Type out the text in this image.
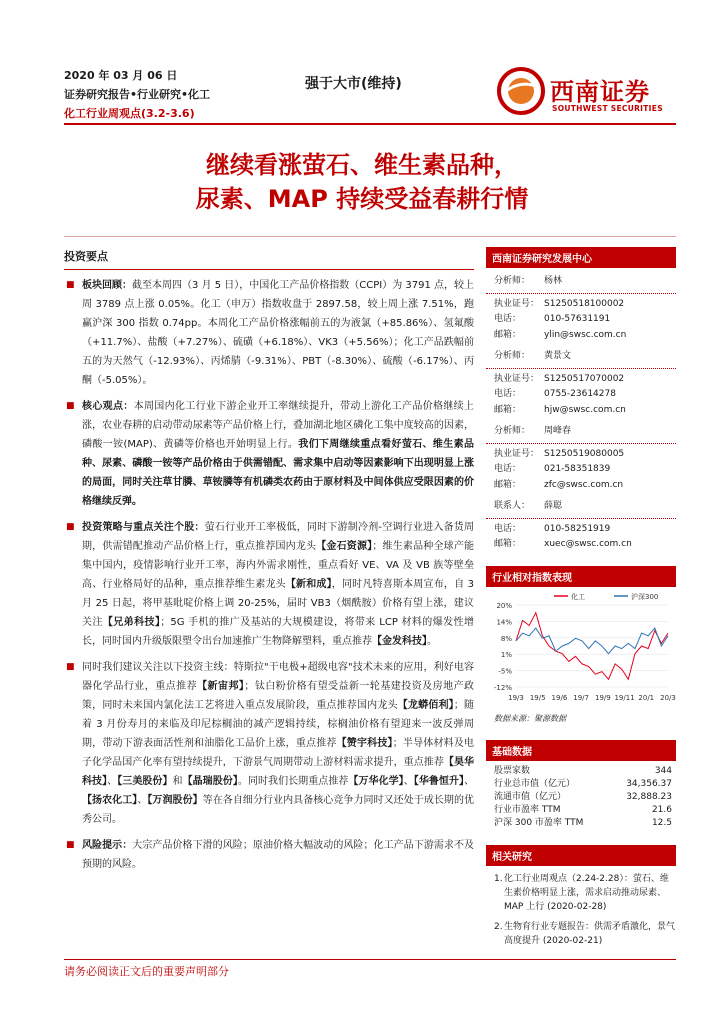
2020 年 03 月 06 日
证券研究报告•行业研究•化工
化工行业周观点(3.2-3.6)
强于大市(维持)	西南证券
SOUTHWEST SECURITIES
继续看涨萤石、维生素品种，
尿素、MAP 持续受益春耕行情
投资要点
■ 板块回顾：截至本周四（3 月 5 日），中国化工产品价格指数（CCPI）为 3791 点，较上周 3789 点上涨 0.05%。化工（申万）指数收盘于 2897.58，较上周上涨 7.51%，跑赢沪深 300 指数 0.74pp。本周化工产品价格涨幅前五的为液氯（+85.86%）、氢氟酸（+11.7%）、盐酸（+7.27%）、硫磺（+6.18%）、VK3（+5.56%）；化工产品跌幅前五的为天然气（-12.93%）、丙烯腈（-9.31%）、PBT（-8.30%）、硫酸（-6.17%）、丙酮（-5.05%）。
■ 核心观点：本周国内化工行业下游企业开工率继续提升，带动上游化工产品价格继续上涨，农业春耕的启动带动尿素等产品价格上行，叠加湖北地区磷化工集中度较高的因素，磷酸一铵(MAP)、黄磷等价格也开始明显上行。我们下周继续重点看好萤石、维生素品种、尿素、磷酸一铵等产品价格由于供需错配、需求集中启动等因素影响下出现明显上涨的局面，同时关注草甘膦、草铵膦等有机磷类农药由于原材料及中间体供应受限因素的价格继续反弹。
■ 投资策略与重点关注个股：萤石行业开工率极低，同时下游制冷剂-空调行业进入备货周期，供需错配推动产品价格上行，重点推荐国内龙头【金石资源】；维生素品种全球产能集中国内，疫情影响行业开工率，海内外需求刚性，重点看好 VE、VA 及 VB 族等壁垒高、行业格局好的品种，重点推荐维生素龙头【新和成】，同时凡特喜斯本周宣布，自 3 月 25 日起，将甲基吡啶价格上调 20-25%，届时 VB3（烟酰胺）价格有望上涨，建议关注【兄弟科技】；5G 手机的推广及基站的大规模建设，将带来 LCP 材料的爆发性增长，同时国内升级版限塑令出台加速推广生物降解塑料，重点推荐【金发科技】。
■ 同时我们建议关注以下投资主线：特斯拉"干电极+超级电容"技术未来的应用，利好电容器化学品行业，重点推荐【新宙邦】；钛白粉价格有望受益新一轮基建投资及房地产政策，同时未来国内氯化法工艺将进入重点发展阶段，重点推荐国内龙头【龙蟒佰利】；随着 3 月份寿月的来临及印尼棕榈油的减产逻辑持续，棕榈油价格有望迎来一波反弹周期，带动下游表面活性剂和油脂化工品价上涨，重点推荐【赞宇科技】；半导体材料及电子化学品国产化率有望持续提升，下游景气周期带动上游材料需求提升，重点推荐【昊华科技】、【三美股份】和【晶瑞股份】。同时我们长期重点推荐【万华化学】、【华鲁恒升】、【扬农化工】、【万润股份】等在各自细分行业内具备核心竞争力同时又还处于成长期的优秀公司。
■ 风险提示：大宗产品价格下滑的风险；原油价格大幅波动的风险；化工产品下游需求不及预期的风险。
西南证券研究发展中心
分析师：	杨林
执业证号： S1250518100002
电话：	010-57631191
邮箱：	ylin@swsc.com.cn
分析师：	黄景文
执业证号： S1250517070002
电话：	0755-23614278
邮箱：	hjw@swsc.com.cn
分析师：	周峰春
执业证号： S1250519080005
电话：	021-58351839
邮箱：	zfc@swsc.com.cn
联系人：	薛聪
电话：	010-58251919
邮箱：	xuec@swsc.com.cn
行业相对指数表现
20%
14%
8%
1%
-5%
-12%
19/3 19/5 19/6 19/7 19/9 19/11 20/1 20/3
化工	沪深300
数据来源：聚源数据
基础数据
股票家数	344
行业总市值（亿元）	34,356.37
流通市值（亿元）	32,888.23
行业市盈率 TTM	21.6
沪深 300 市盈率 TTM	12.5
相关研究
1. 化工行业周观点（2.24-2.28）：萤石、维生素价格明显上涨，需求启动推动尿素、MAP 上行 (2020-02-28)
2. 生物育行业专题报告：供需矛盾激化，景气高度提升 (2020-02-21)
请务必阅读正文后的重要声明部分
